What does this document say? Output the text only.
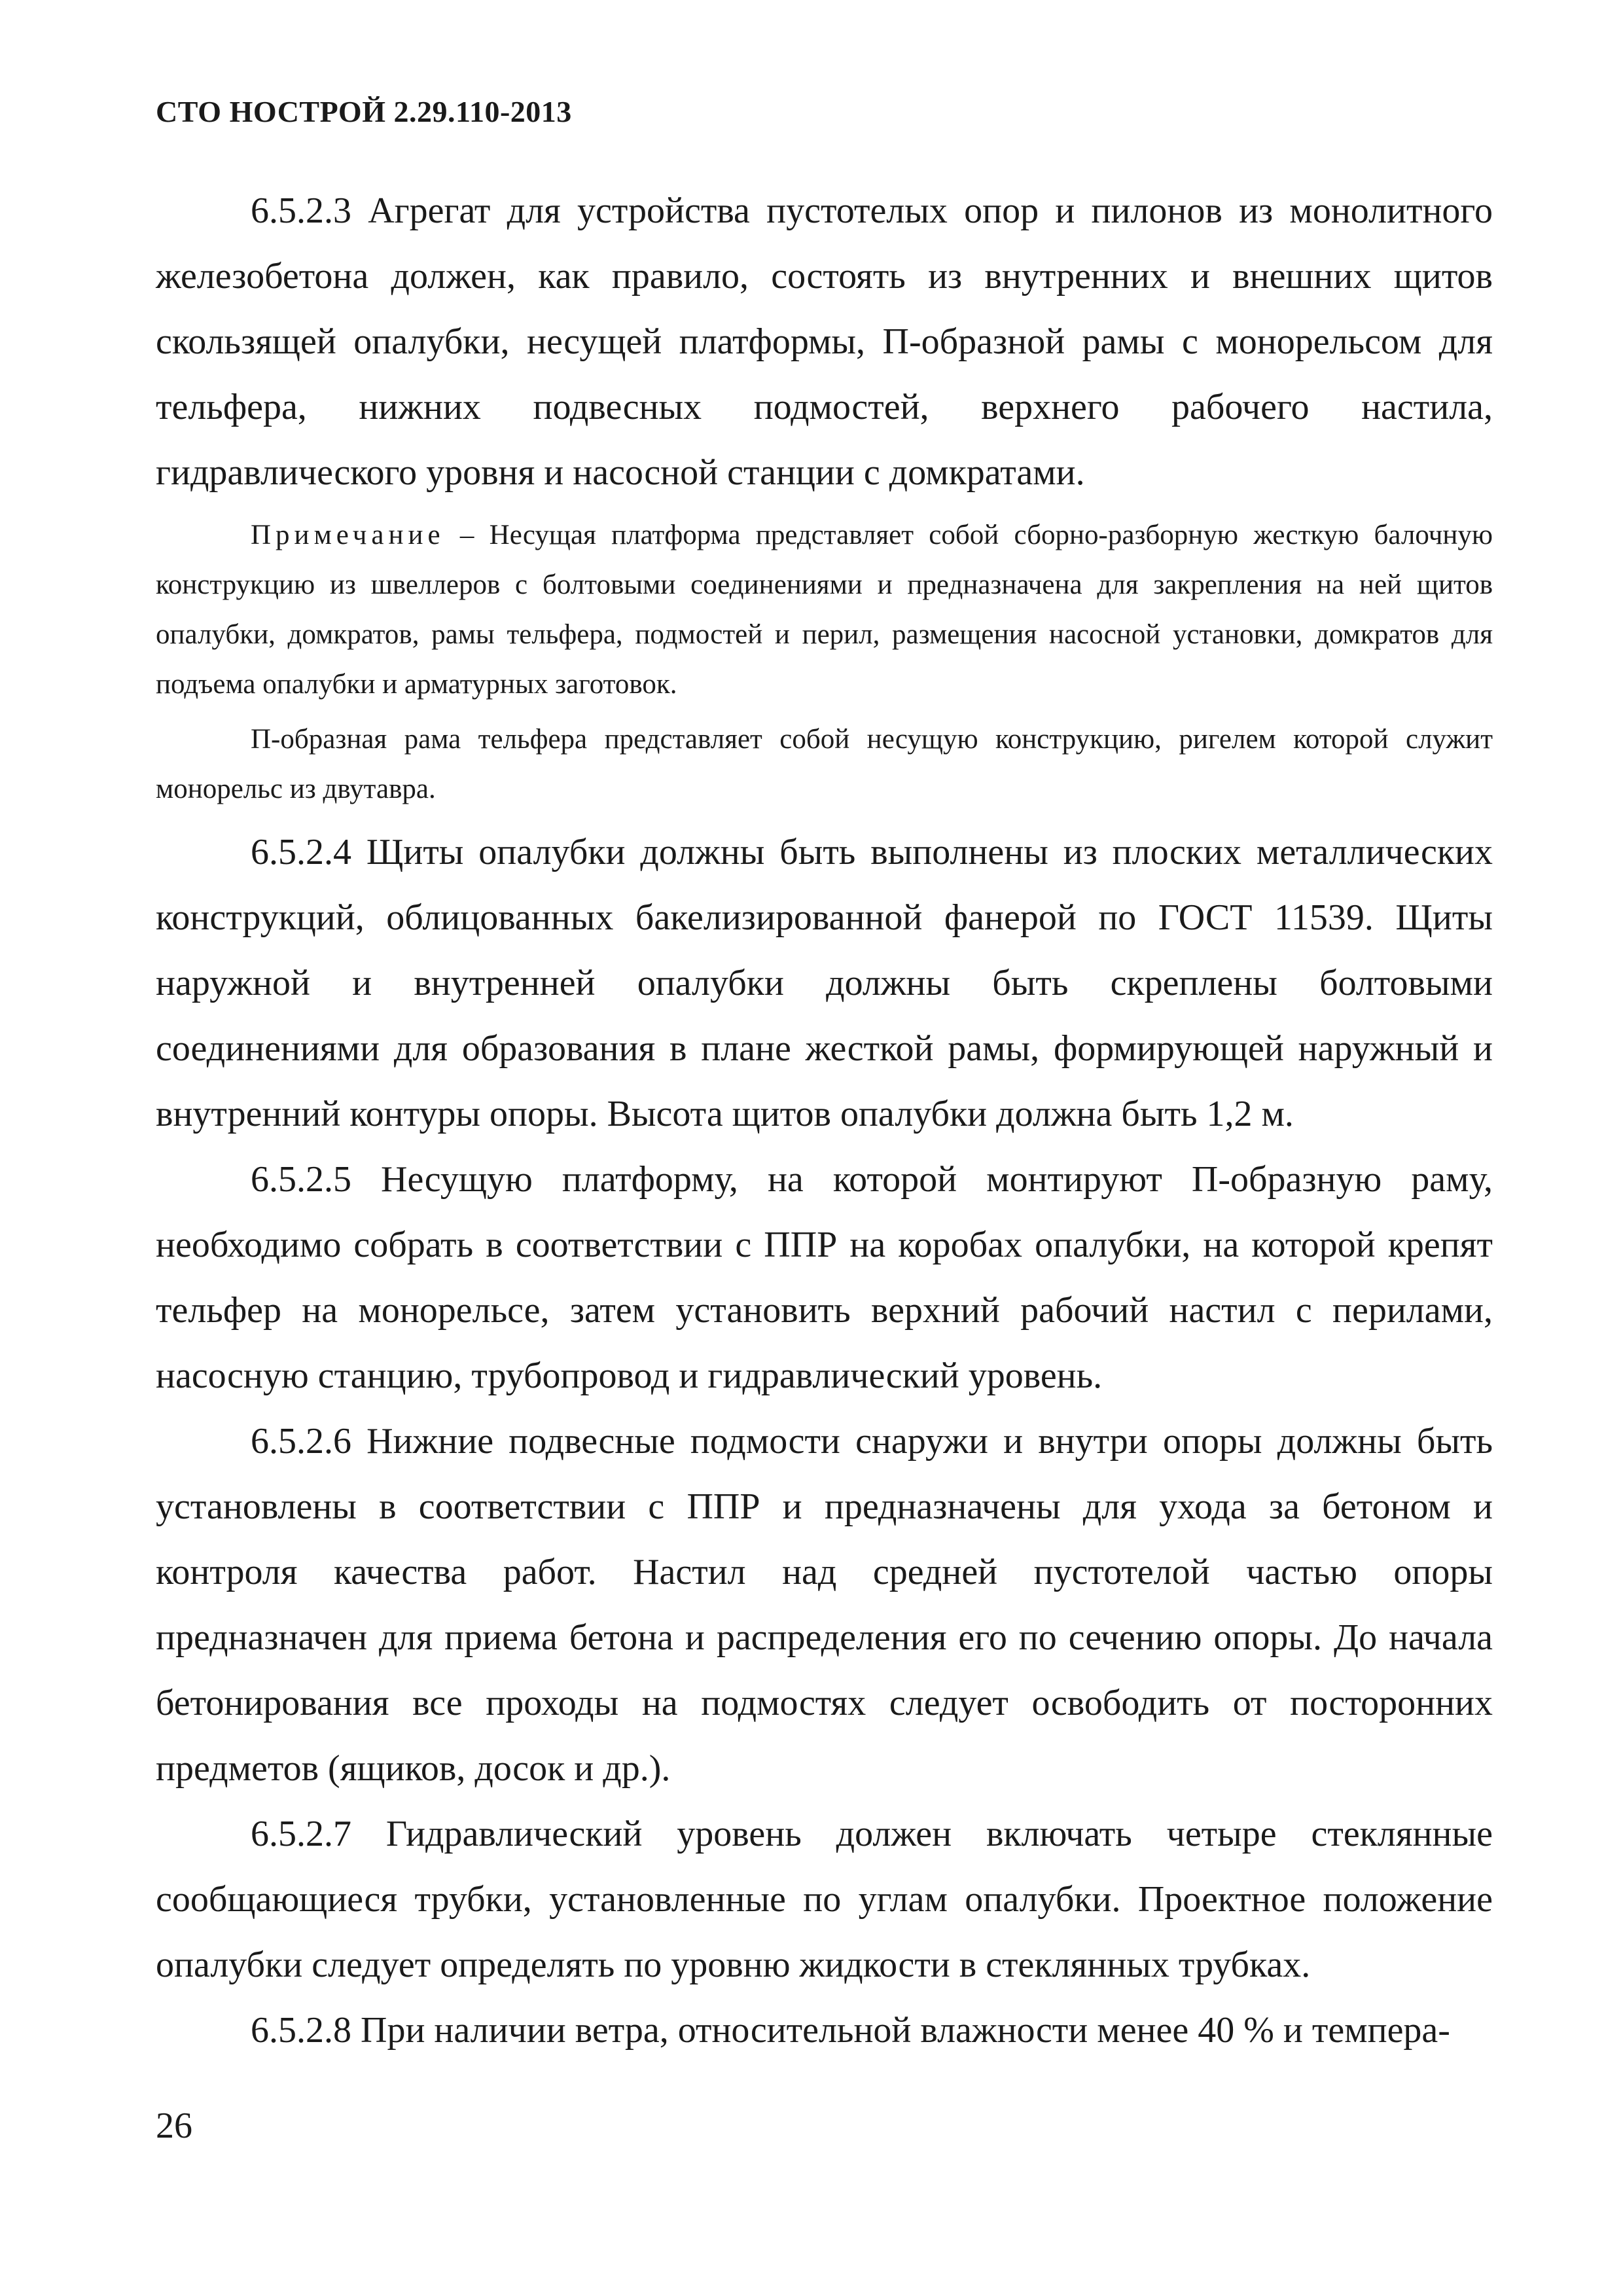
СТО НОСТРОЙ 2.29.110-2013

6.5.2.3 Агрегат для устройства пустотелых опор и пилонов из монолитного железобетона должен, как правило, состоять из внутренних и внешних щитов скользящей опалубки, несущей платформы, П-образной рамы с монорельсом для тельфера, нижних подвесных подмостей, верхнего рабочего настила, гидравлического уровня и насосной станции с домкратами.

Примечание – Несущая платформа представляет собой сборно-разборную жесткую балочную конструкцию из швеллеров с болтовыми соединениями и предназначена для закрепления на ней щитов опалубки, домкратов, рамы тельфера, подмостей и перил, размещения насосной установки, домкратов для подъема опалубки и арматурных заготовок.

П-образная рама тельфера представляет собой несущую конструкцию, ригелем которой служит монорельс из двутавра.

6.5.2.4 Щиты опалубки должны быть выполнены из плоских металлических конструкций, облицованных бакелизированной фанерой по ГОСТ 11539. Щиты наружной и внутренней опалубки должны быть скреплены болтовыми соединениями для образования в плане жесткой рамы, формирующей наружный и внутренний контуры опоры. Высота щитов опалубки должна быть 1,2 м.

6.5.2.5 Несущую платформу, на которой монтируют П-образную раму, необходимо собрать в соответствии с ППР на коробах опалубки, на которой крепят тельфер на монорельсе, затем установить верхний рабочий настил с перилами, насосную станцию, трубопровод и гидравлический уровень.

6.5.2.6 Нижние подвесные подмости снаружи и внутри опоры должны быть установлены в соответствии с ППР и предназначены для ухода за бетоном и контроля качества работ. Настил над средней пустотелой частью опоры предназначен для приема бетона и распределения его по сечению опоры. До начала бетонирования все проходы на подмостях следует освободить от посторонних предметов (ящиков, досок и др.).

6.5.2.7 Гидравлический уровень должен включать четыре стеклянные сообщающиеся трубки, установленные по углам опалубки. Проектное положение опалубки следует определять по уровню жидкости в стеклянных трубках.

6.5.2.8 При наличии ветра, относительной влажности менее 40 % и темпера-

26
